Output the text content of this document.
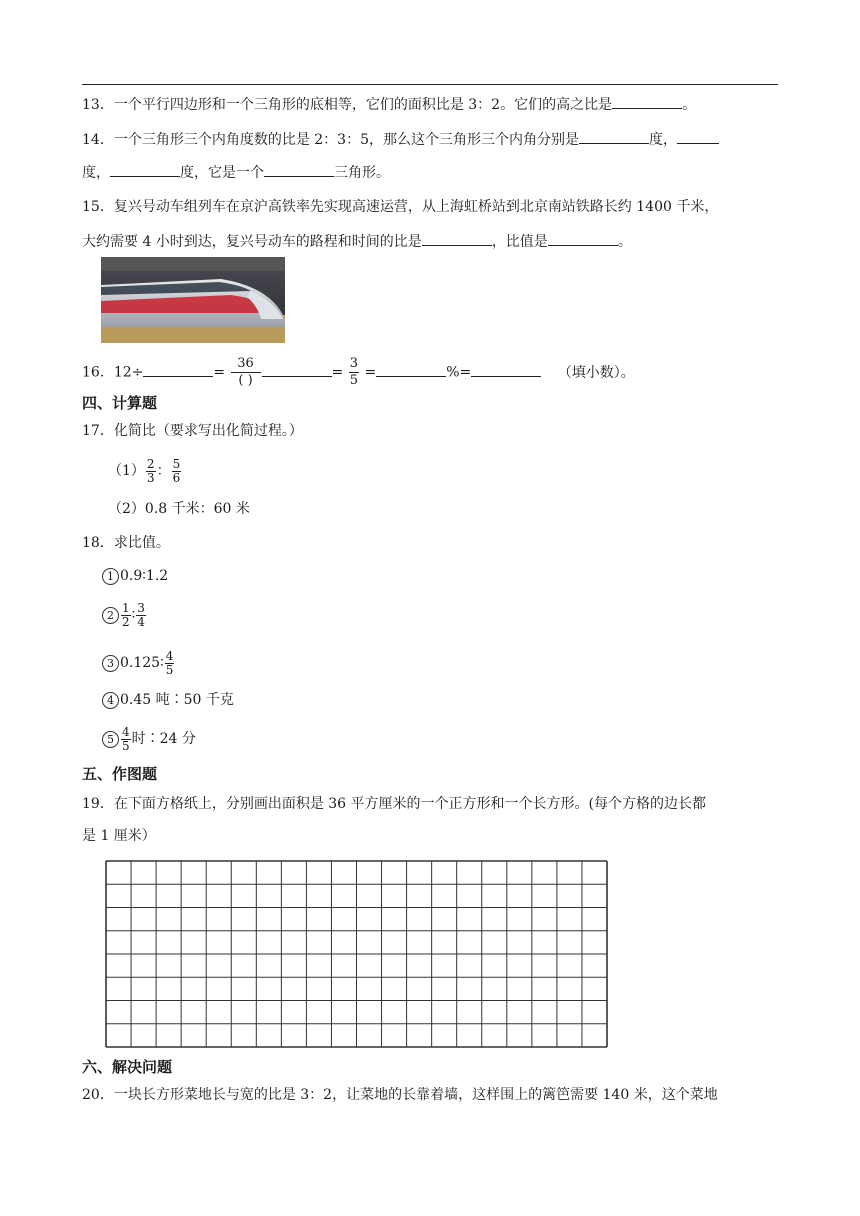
13．一个平行四边形和一个三角形的底相等，它们的面积比是 3：2。它们的高之比是	。
14．一个三角形三个内角度数的比是 2：3：5，那么这个三角形三个内角分别是	度，
度，	度，它是一个	三角形。
15．复兴号动车组列车在京沪高铁率先实现高速运营，从上海虹桥站到北京南站铁路长约 1400 千米，
大约需要 4 小时到达，复兴号动车的路程和时间的比是	，比值是	。
16．12÷	= $\frac{36}{( )}$	= $\frac{3}{5}$ =	%=	（填小数）。
四、计算题
17．化简比（要求写出化简过程。）
$(1) \frac{2}{3}$ ： $\frac{5}{6}$
（2）0.8 千米：60 米
18．求比值。
1 0.9∶1.2
$2 \frac{1}{2}$ ∶ $\frac{3}{4}$
3 0.125∶ $\frac{4}{5}$
4 0.45 吨∶50 千克
$5 \frac{4}{5}$ 时∶24 分
五、作图题
19．在下面方格纸上，分别画出面积是 36 平方厘米的一个正方形和一个长方形。(每个方格的边长都
是 1 厘米）
六、解决问题
20．一块长方形菜地长与宽的比是 3：2，让菜地的长靠着墙，这样围上的篱笆需要 140 米，这个菜地
